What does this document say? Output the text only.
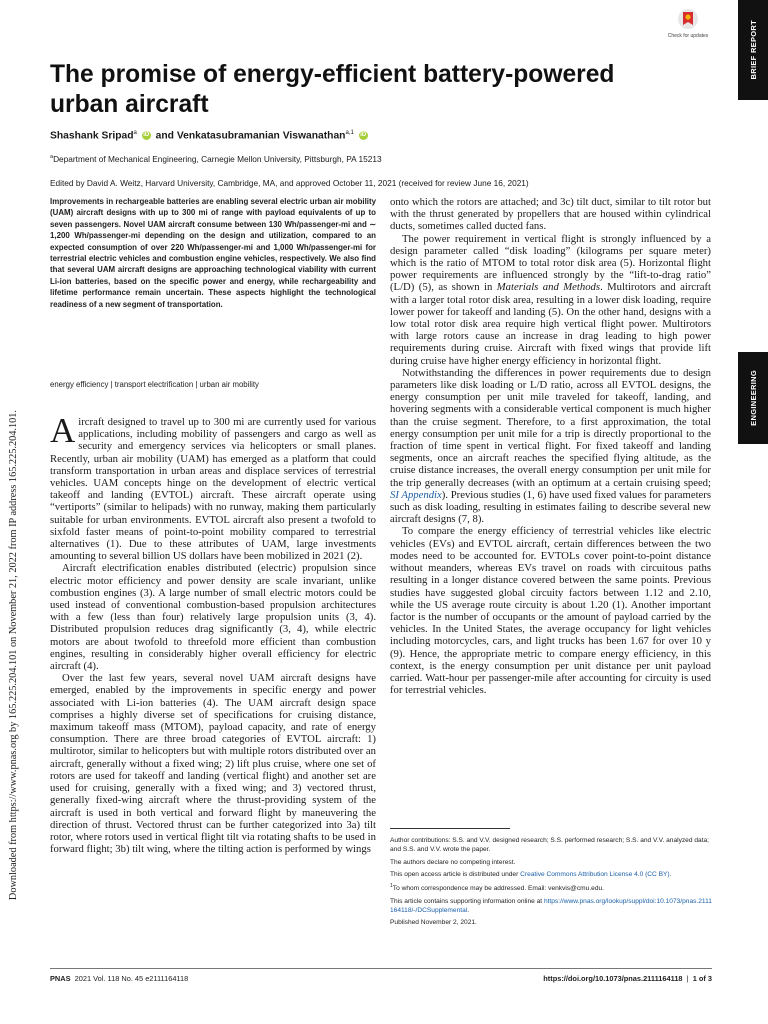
BRIEF REPORT
ENGINEERING
Downloaded from https://www.pnas.org by 165.225.204.101 on November 21, 2022 from IP address 165.225.204.101.
Check for updates
The promise of energy-efficient battery-powered urban aircraft
Shashank Sripad$^a$ iD and Venkatasubramanian Viswanathan$^{a,1}$ iD
$^a$Department of Mechanical Engineering, Carnegie Mellon University, Pittsburgh, PA 15213
Edited by David A. Weitz, Harvard University, Cambridge, MA, and approved October 11, 2021 (received for review June 16, 2021)

Improvements in rechargeable batteries are enabling several electric urban air mobility (UAM) aircraft designs with up to 300 mi of range with payload equivalents of up to seven passengers. Novel UAM aircraft consume between 130 Wh/passenger-mi and ∼ 1,200 Wh/passenger-mi depending on the design and utilization, compared to an expected consumption of over 220 Wh/passenger-mi and 1,000 Wh/passenger-mi for terrestrial electric vehicles and combustion engine vehicles, respectively. We also find that several UAM aircraft designs are approaching technological viability with current Li-ion batteries, based on the specific power and energy, while rechargeability and lifetime performance remain uncertain. These aspects highlight the technological readiness of a new segment of transportation.

energy efficiency | transport electrification | urban air mobility

Aircraft designed to travel up to 300 mi are currently used for various applications, including mobility of passengers and cargo as well as security and emergency services via helicopters or small planes. Recently, urban air mobility (UAM) has emerged as a platform that could transform transportation in urban areas and displace services of terrestrial vehicles. UAM concepts hinge on the development of electric vertical takeoff and landing (EVTOL) aircraft. These aircraft operate using “vertiports” (similar to helipads) with no runway, making them particularly suitable for urban environments. EVTOL aircraft also present a twofold to sixfold faster means of point-to-point mobility compared to terrestrial alternatives (1). Due to these attributes of UAM, large investments amounting to several billion US dollars have been mobilized in 2021 (2).

Aircraft electrification enables distributed (electric) propulsion since electric motor efficiency and power density are scale invariant, unlike combustion engines (3). A large number of small electric motors could be used instead of conventional combustion-based propulsion architectures with a few (less than four) relatively large propulsion units (3, 4). Distributed propulsion reduces drag significantly (3, 4), while electric motors are about twofold to threefold more efficient than combustion engines, resulting in considerably higher overall efficiency for electric aircraft (4).

Over the last few years, several novel UAM aircraft designs have emerged, enabled by the improvements in specific energy and power associated with Li-ion batteries (4). The UAM aircraft design space comprises a highly diverse set of specifications for cruising distance, maximum takeoff mass (MTOM), payload capacity, and rate of energy consumption. There are three broad categories of EVTOL aircraft: 1) multirotor, similar to helicopters but with multiple rotors distributed over an aircraft, generally without a fixed wing; 2) lift plus cruise, where one set of rotors are used for takeoff and landing (vertical flight) and another set are used for cruising, generally with a fixed wing; and 3) vectored thrust, generally fixed-wing aircraft where the thrust-providing system of the aircraft is used in both vertical and forward flight by maneuvering the direction of thrust. Vectored thrust can be further categorized into 3a) tilt rotor, where rotors used in vertical flight tilt via rotating shafts to be used in forward flight; 3b) tilt wing, where the tilting action is performed by wings

onto which the rotors are attached; and 3c) tilt duct, similar to tilt rotor but with the thrust generated by propellers that are housed within cylindrical ducts, sometimes called ducted fans.

The power requirement in vertical flight is strongly influenced by a design parameter called “disk loading” (kilograms per square meter) which is the ratio of MTOM to total rotor disk area (5). Horizontal flight power requirements are influenced strongly by the “lift-to-drag ratio” (L/D) (5), as shown in Materials and Methods. Multirotors and aircraft with a larger total rotor disk area, resulting in a lower disk loading, require lower power for takeoff and landing (5). On the other hand, designs with a low total rotor disk area require high vertical flight power. Multirotors with large rotors cause an increase in drag leading to high power requirements during cruise. Aircraft with fixed wings that provide lift during cruise have higher energy efficiency in horizontal flight.

Notwithstanding the differences in power requirements due to design parameters like disk loading or L/D ratio, across all EVTOL designs, the energy consumption per unit mile traveled for takeoff, landing, and hovering segments with a considerable vertical component is much higher than the cruise segment. Therefore, to a first approximation, the total energy consumption per unit mile for a trip is directly proportional to the fraction of time spent in vertical flight. For fixed takeoff and landing segments, once an aircraft reaches the specified flying altitude, as the cruise distance increases, the overall energy consumption per unit mile for the trip generally decreases (with an optimum at a certain cruising speed; SI Appendix). Previous studies (1, 6) have used fixed values for parameters such as disk loading, resulting in estimates failing to describe several new aircraft designs (7, 8).

To compare the energy efficiency of terrestrial vehicles like electric vehicles (EVs) and EVTOL aircraft, certain differences between the two modes need to be accounted for. EVTOLs cover point-to-point distance without meanders, whereas EVs travel on roads with circuitous paths resulting in a longer distance covered between the same points. Previous studies have suggested global circuity factors between 1.12 and 2.10, while the US average route circuity is about 1.20 (1). Another important factor is the number of occupants or the amount of payload carried by the vehicles. In the United States, the average occupancy for light vehicles including motorcycles, cars, and light trucks has been 1.67 for over 10 y (9). Hence, the appropriate metric to compare energy efficiency, in this context, is the energy consumption per unit distance per unit payload carried. Watt-hour per passenger-mile after accounting for circuity is used for terrestrial vehicles.

Author contributions: S.S. and V.V. designed research; S.S. performed research; S.S. and V.V. analyzed data; and S.S. and V.V. wrote the paper.
The authors declare no competing interest.
This open access article is distributed under Creative Commons Attribution License 4.0 (CC BY).
$^1$To whom correspondence may be addressed. Email: venkvis@cmu.edu.
This article contains supporting information online at https://www.pnas.org/lookup/suppl/doi:10.1073/pnas.2111164118/-/DCSupplemental.
Published November 2, 2021.
PNAS 2021 Vol. 118 No. 45 e2111164118	https://doi.org/10.1073/pnas.2111164118 | 1 of 3
